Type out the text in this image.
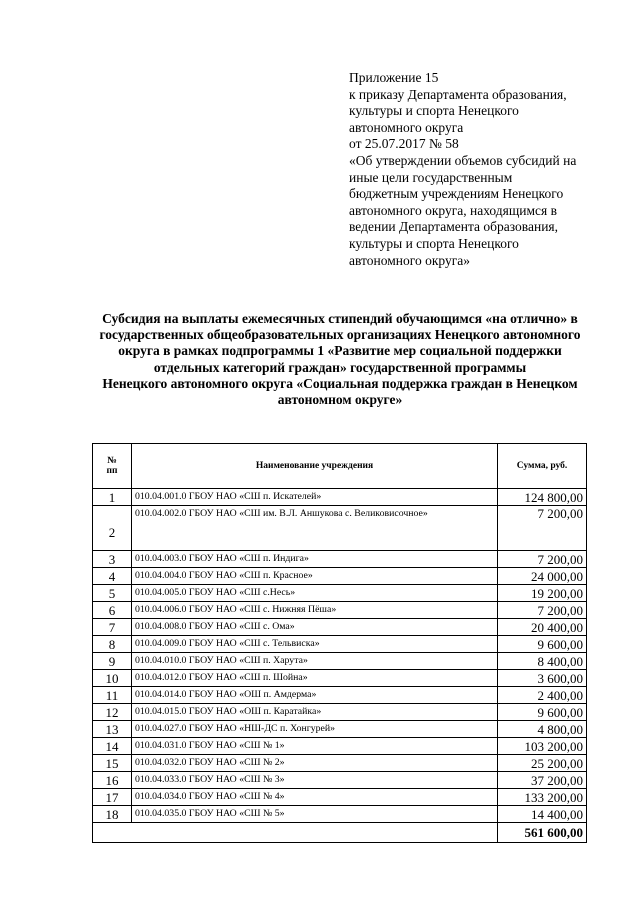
Приложение 15
к приказу Департамента образования,
культуры и спорта Ненецкого
автономного округа
от 25.07.2017 № 58
«Об утверждении объемов субсидий на
иные цели государственным
бюджетным учреждениям Ненецкого
автономного округа, находящимся в
ведении Департамента образования,
культуры и спорта Ненецкого
автономного округа»
Субсидия на выплаты ежемесячных стипендий обучающимся «на отлично» в
государственных общеобразовательных организациях Ненецкого автономного
округа в рамках подпрограммы 1 «Развитие мер социальной поддержки
отдельных категорий граждан» государственной программы
Ненецкого автономного округа «Социальная поддержка граждан в Ненецком
автономном округе»
№
пп	Наименование учреждения	Сумма, руб.
1	010.04.001.0 ГБОУ НАО «СШ п. Искателей»	124 800,00
2	010.04.002.0 ГБОУ НАО «СШ им. В.Л. Аншукова с. Великовисочное»	7 200,00
3	010.04.003.0 ГБОУ НАО «СШ п. Индига»	7 200,00
4	010.04.004.0 ГБОУ НАО «СШ п. Красное»	24 000,00
5	010.04.005.0 ГБОУ НАО «СШ с.Несь»	19 200,00
6	010.04.006.0 ГБОУ НАО «СШ с. Нижняя Пёша»	7 200,00
7	010.04.008.0 ГБОУ НАО «СШ с. Ома»	20 400,00
8	010.04.009.0 ГБОУ НАО «СШ с. Тельвиска»	9 600,00
9	010.04.010.0 ГБОУ НАО «СШ п. Харута»	8 400,00
10	010.04.012.0 ГБОУ НАО «СШ п. Шойна»	3 600,00
11	010.04.014.0 ГБОУ НАО «ОШ п. Амдерма»	2 400,00
12	010.04.015.0 ГБОУ НАО «ОШ п. Каратайка»	9 600,00
13	010.04.027.0 ГБОУ НАО «НШ-ДС п. Хонгурей»	4 800,00
14	010.04.031.0 ГБОУ НАО «СШ № 1»	103 200,00
15	010.04.032.0 ГБОУ НАО «СШ № 2»	25 200,00
16	010.04.033.0 ГБОУ НАО «СШ № 3»	37 200,00
17	010.04.034.0 ГБОУ НАО «СШ № 4»	133 200,00
18	010.04.035.0 ГБОУ НАО «СШ № 5»	14 400,00
		561 600,00
